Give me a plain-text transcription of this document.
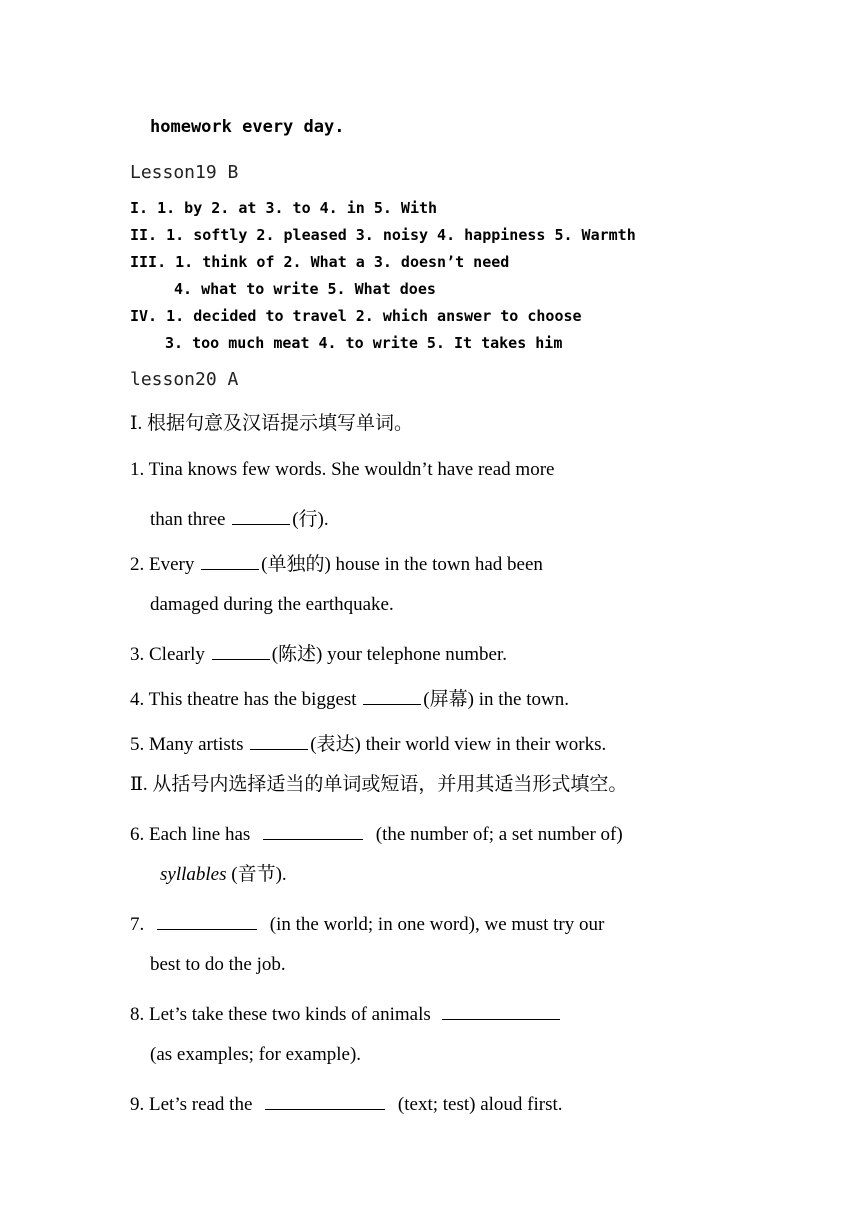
homework every day.
Lesson19 B
I. 1. by 2. at 3. to 4. in 5. With
II. 1. softly 2. pleased 3. noisy 4. happiness 5. Warmth
III. 1. think of 2. What a 3. doesn’t need
4. what to write 5. What does
IV. 1. decided to travel 2. which answer to choose
3. too much meat 4. to write 5. It takes him
lesson20 A
Ⅰ. 根据句意及汉语提示填写单词。
1. Tina knows few words. She wouldn’t have read more
than three	(行).
2. Every	(单独的) house in the town had been
damaged during the earthquake.
3. Clearly	(陈述) your telephone number.
4. This theatre has the biggest	(屏幕) in the town.
5. Many artists	(表达) their world view in their works.
Ⅱ. 从括号内选择适当的单词或短语，并用其适当形式填空。
6. Each line has	(the number of; a set number of)
syllables (音节).
7.	(in the world; in one word), we must try our
best to do the job.
8. Let’s take these two kinds of animals
(as examples; for example).
9. Let’s read the	(text; test) aloud first.
